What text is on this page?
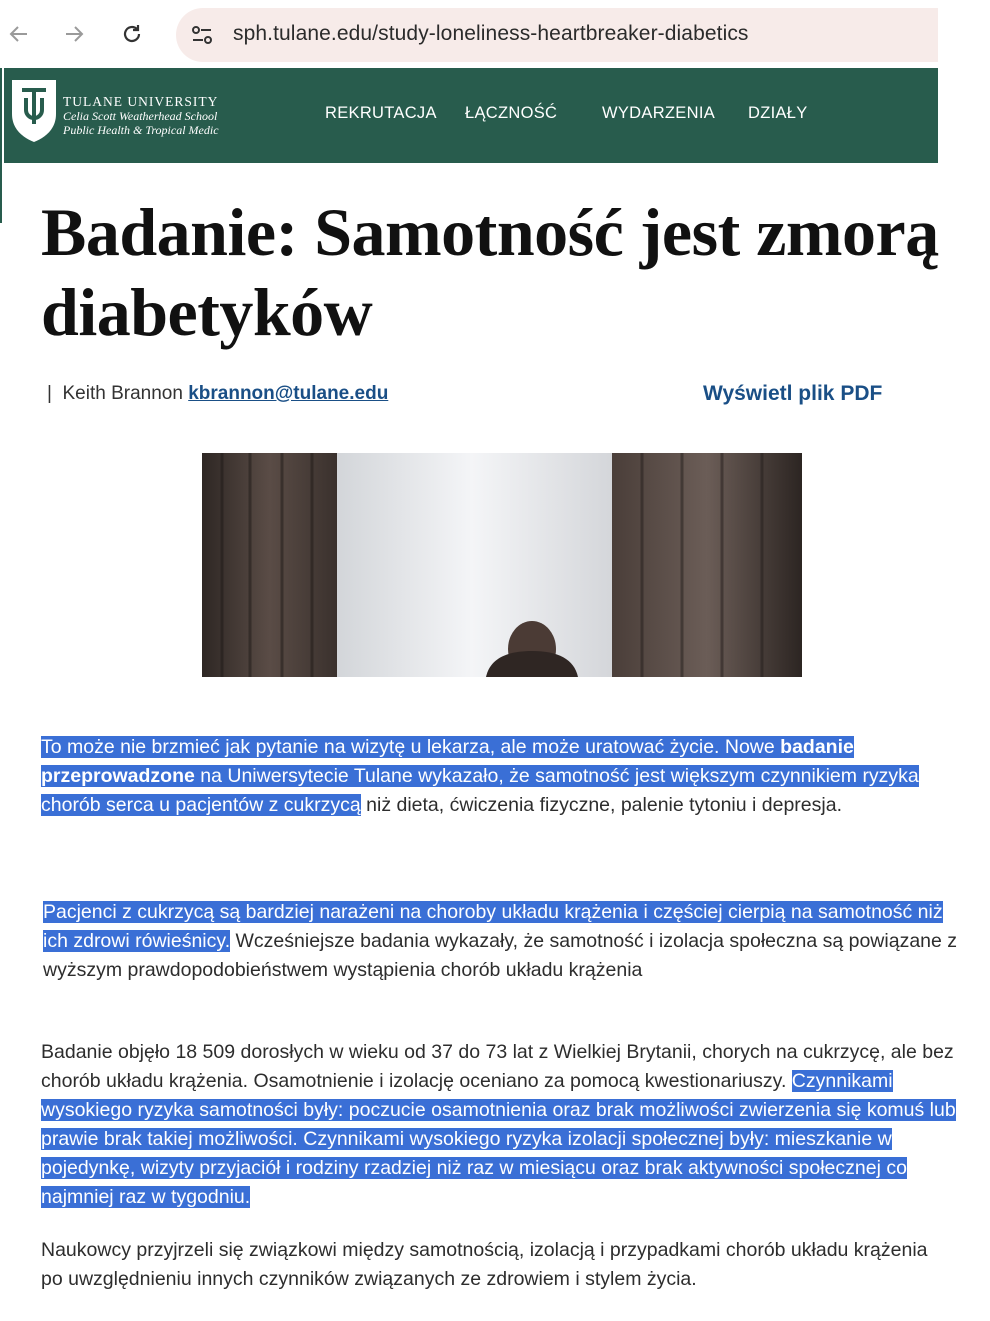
sph.tulane.edu/study-loneliness-heartbreaker-diabetics
TULANE UNIVERSITY
Celia Scott Weatherhead School
Public Health & Tropical Medic
REKRUTACJA ŁĄCZNOŚĆ	WYDARZENIA DZIAŁY
Badanie: Samotność jest zmorą diabetyków
| Keith Brannon kbrannon@tulane.edu	Wyświetl plik PDF

To może nie brzmieć jak pytanie na wizytę u lekarza, ale może uratować życie. Nowe badanie przeprowadzone na Uniwersytecie Tulane wykazało, że samotność jest większym czynnikiem ryzyka chorób serca u pacjentów z cukrzycą niż dieta, ćwiczenia fizyczne, palenie tytoniu i depresja.

Pacjenci z cukrzycą są bardziej narażeni na choroby układu krążenia i częściej cierpią na samotność niż ich zdrowi rówieśnicy. Wcześniejsze badania wykazały, że samotność i izolacja społeczna są powiązane z wyższym prawdopodobieństwem wystąpienia chorób układu krążenia

Badanie objęło 18 509 dorosłych w wieku od 37 do 73 lat z Wielkiej Brytanii, chorych na cukrzycę, ale bez chorób układu krążenia. Osamotnienie i izolację oceniano za pomocą kwestionariuszy. Czynnikami wysokiego ryzyka samotności były: poczucie osamotnienia oraz brak możliwości zwierzenia się komuś lub prawie brak takiej możliwości. Czynnikami wysokiego ryzyka izolacji społecznej były: mieszkanie w pojedynkę, wizyty przyjaciół i rodziny rzadziej niż raz w miesiącu oraz brak aktywności społecznej co najmniej raz w tygodniu.

Naukowcy przyjrzeli się związkowi między samotnością, izolacją i przypadkami chorób układu krążenia po uwzględnieniu innych czynników związanych ze zdrowiem i stylem życia.
